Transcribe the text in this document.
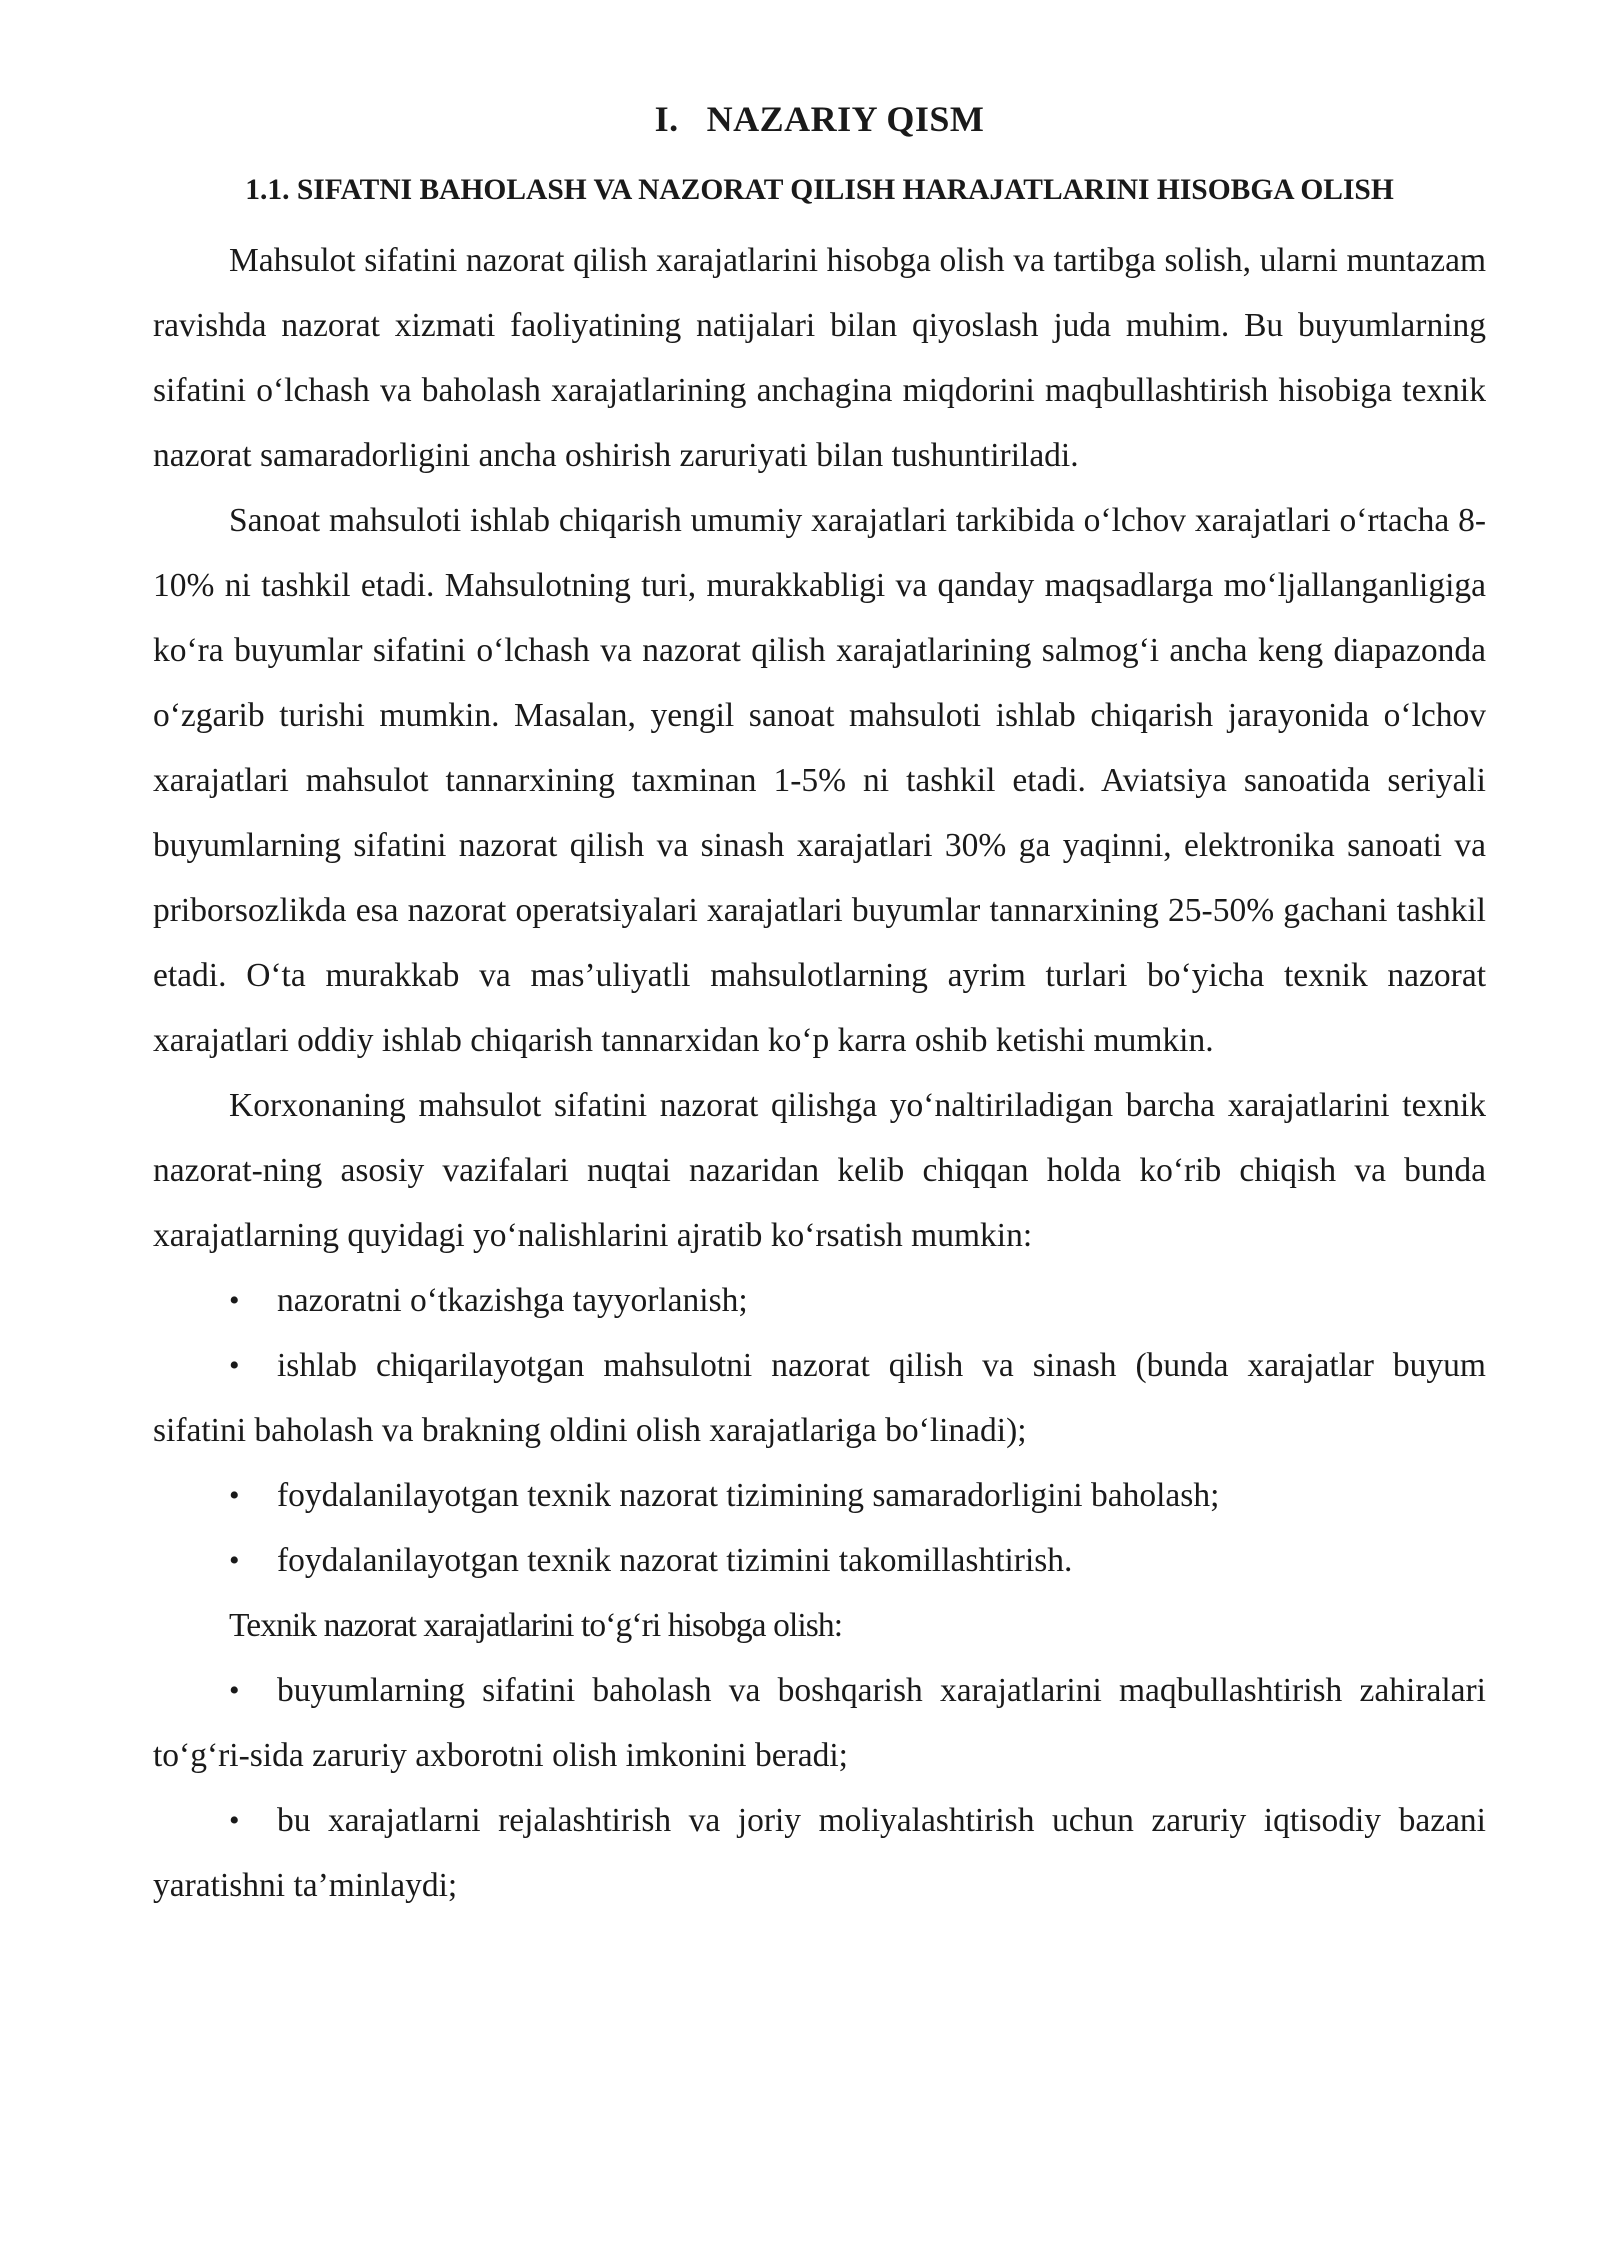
I. NAZARIY QISM
1.1. SIFATNI BAHOLASH VA NAZORAT QILISH HARAJATLARINI HISOBGA OLISH

Mahsulot sifatini nazorat qilish xarajatlarini hisobga olish va tartibga solish, ularni muntazam ravishda nazorat xizmati faoliyatining natijalari bilan qiyoslash juda muhim. Bu buyumlarning sifatini o‘lchash va baholash xarajatlarining anchagina miqdorini maqbullashtirish hisobiga texnik nazorat samaradorligini ancha oshirish zaruriyati bilan tushuntiriladi.

Sanoat mahsuloti ishlab chiqarish umumiy xarajatlari tarkibida o‘lchov xarajatlari o‘rtacha 8-10% ni tashkil etadi. Mahsulotning turi, murakkabligi va qanday maqsadlarga mo‘ljallanganligiga ko‘ra buyumlar sifatini o‘lchash va nazorat qilish xarajatlarining salmog‘i ancha keng diapazonda o‘zgarib turishi mumkin. Masalan, yengil sanoat mahsuloti ishlab chiqarish jarayonida o‘lchov xarajatlari mahsulot tannarxining taxminan 1-5% ni tashkil etadi. Aviatsiya sanoatida seriyali buyumlarning sifatini nazorat qilish va sinash xarajatlari 30% ga yaqinni, elektronika sanoati va priborsozlikda esa nazorat operatsiyalari xarajatlari buyumlar tannarxining 25-50% gachani tashkil etadi. O‘ta murakkab va mas’uliyatli mahsulotlarning ayrim turlari bo‘yicha texnik nazorat xarajatlari oddiy ishlab chiqarish tannarxidan ko‘p karra oshib ketishi mumkin.

Korxonaning mahsulot sifatini nazorat qilishga yo‘naltiriladigan barcha xarajatlarini texnik nazorat-ning asosiy vazifalari nuqtai nazaridan kelib chiqqan holda ko‘rib chiqish va bunda xarajatlarning quyidagi yo‘nalishlarini ajratib ko‘rsatish mumkin:

• nazoratni o‘tkazishga tayyorlanish;

• ishlab chiqarilayotgan mahsulotni nazorat qilish va sinash (bunda xarajatlar buyum sifatini baholash va brakning oldini olish xarajatlariga bo‘linadi);

• foydalanilayotgan texnik nazorat tizimining samaradorligini baholash;

• foydalanilayotgan texnik nazorat tizimini takomillashtirish.

Texnik nazorat xarajatlarini to‘g‘ri hisobga olish:

• buyumlarning sifatini baholash va boshqarish xarajatlarini maqbullashtirish zahiralari to‘g‘ri-sida zaruriy axborotni olish imkonini beradi;

• bu xarajatlarni rejalashtirish va joriy moliyalashtirish uchun zaruriy iqtisodiy bazani yaratishni ta’minlaydi;
